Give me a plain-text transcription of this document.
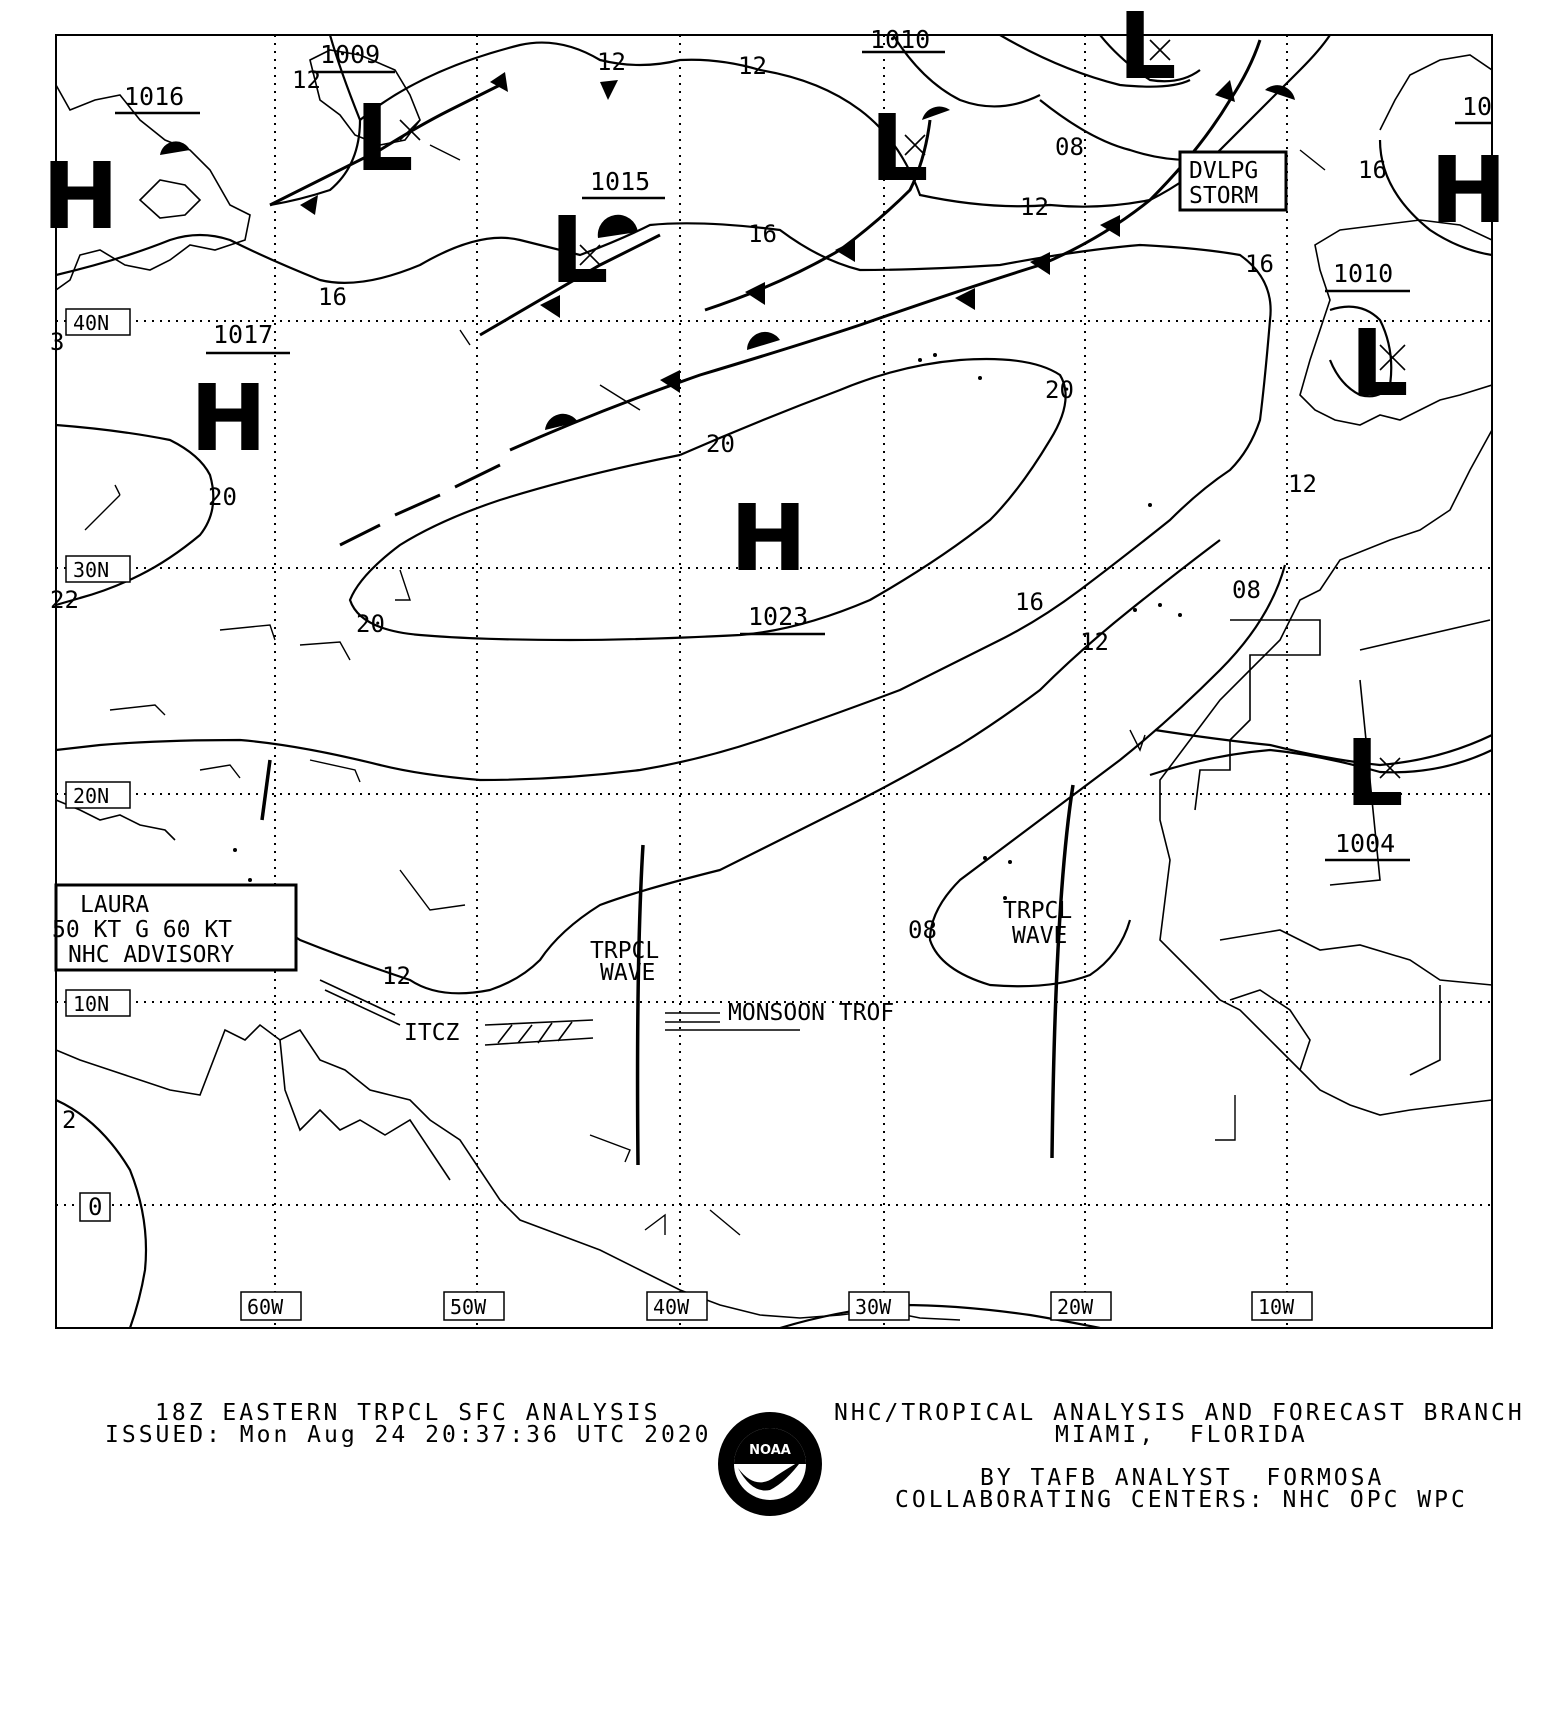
40N
30N
20N
10N
60W	50W	40W	30W	20W	10W
H
H
H	H
L
L
L
L
L
L
1017
1023
1009
1015
1010
1010
1004
1016	10
12
12	12
12
12
12
16
16
16
16
16
20
20
20
20
08
08
08
22
3
2
12
0
DVLPG
STORM
LAURA
50 KT G 60 KT
NHC ADVISORY	TRPCL
WAVE
TRPCL
WAVE
MONSOON TROF
ITCZ
18Z EASTERN TRPCL SFC ANALYSIS
ISSUED: Mon Aug 24 20:37:36 UTC 2020
NHC/TROPICAL ANALYSIS AND FORECAST BRANCH
MIAMI,  FLORIDA
BY TAFB ANALYST  FORMOSA
COLLABORATING CENTERS: NHC OPC WPC
NOAA
